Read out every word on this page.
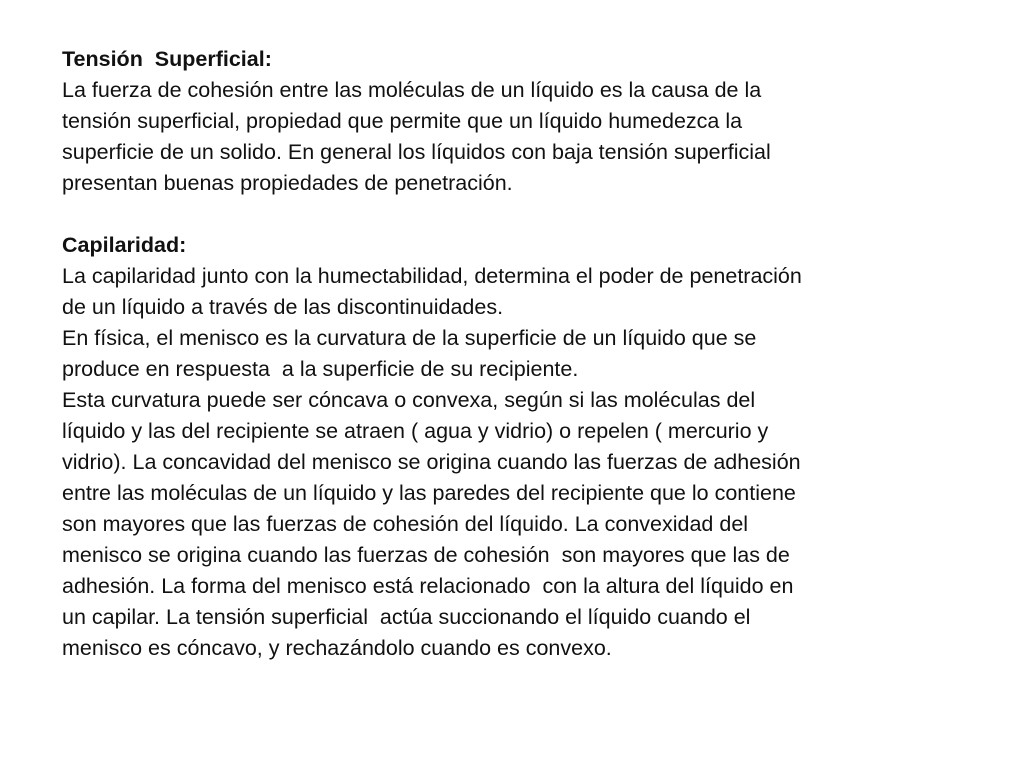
Tensión  Superficial:

La fuerza de cohesión entre las moléculas de un líquido es la causa de la

tensión superficial, propiedad que permite que un líquido humedezca la

superficie de un solido. En general los líquidos con baja tensión superficial

presentan buenas propiedades de penetración.

Capilaridad:

La capilaridad junto con la humectabilidad, determina el poder de penetración

de un líquido a través de las discontinuidades.

En física, el menisco es la curvatura de la superficie de un líquido que se

produce en respuesta  a la superficie de su recipiente.

Esta curvatura puede ser cóncava o convexa, según si las moléculas del

líquido y las del recipiente se atraen ( agua y vidrio) o repelen ( mercurio y

vidrio). La concavidad del menisco se origina cuando las fuerzas de adhesión

entre las moléculas de un líquido y las paredes del recipiente que lo contiene

son mayores que las fuerzas de cohesión del líquido. La convexidad del

menisco se origina cuando las fuerzas de cohesión  son mayores que las de

adhesión. La forma del menisco está relacionado  con la altura del líquido en

un capilar. La tensión superficial  actúa succionando el líquido cuando el

menisco es cóncavo, y rechazándolo cuando es convexo.
